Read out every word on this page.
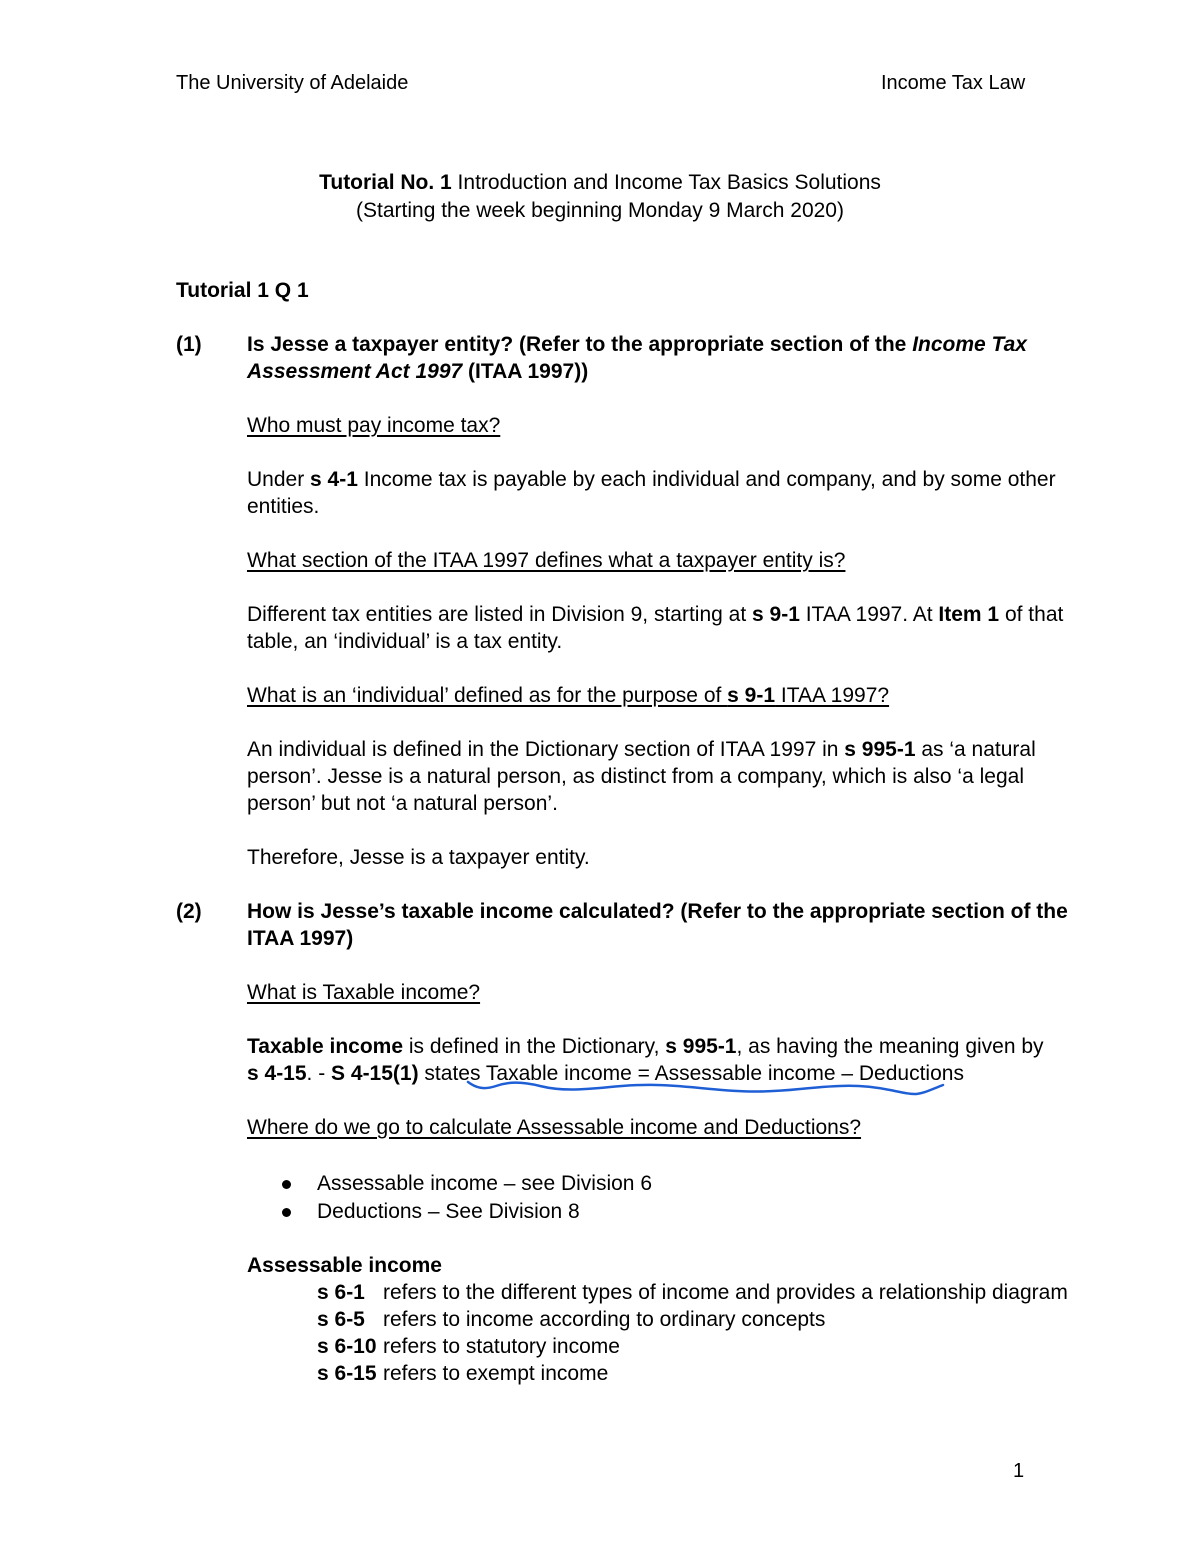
The University of Adelaide	Income Tax Law
Tutorial No. 1 Introduction and Income Tax Basics Solutions
(Starting the week beginning Monday 9 March 2020)
Tutorial 1 Q 1
(1) Is Jesse a taxpayer entity? (Refer to the appropriate section of the Income Tax
Assessment Act 1997 (ITAA 1997))
Who must pay income tax?
Under s 4-1 Income tax is payable by each individual and company, and by some other
entities.
What section of the ITAA 1997 defines what a taxpayer entity is?
Different tax entities are listed in Division 9, starting at s 9-1 ITAA 1997. At Item 1 of that
table, an ‘individual’ is a tax entity.
What is an ‘individual’ defined as for the purpose of s 9-1 ITAA 1997?
An individual is defined in the Dictionary section of ITAA 1997 in s 995-1 as ‘a natural
person’. Jesse is a natural person, as distinct from a company, which is also ‘a legal
person’ but not ‘a natural person’.
Therefore, Jesse is a taxpayer entity.
(2) How is Jesse’s taxable income calculated? (Refer to the appropriate section of the
ITAA 1997)
What is Taxable income?
Taxable income is defined in the Dictionary, s 995-1, as having the meaning given by
s 4-15. - S 4-15(1) states Taxable income = Assessable income – Deductions
Where do we go to calculate Assessable income and Deductions?
Assessable income – see Division 6
Deductions – See Division 8
Assessable income
s 6-1 refers to the different types of income and provides a relationship diagram
s 6-5 refers to income according to ordinary concepts
s 6-10 refers to statutory income
s 6-15 refers to exempt income
1
